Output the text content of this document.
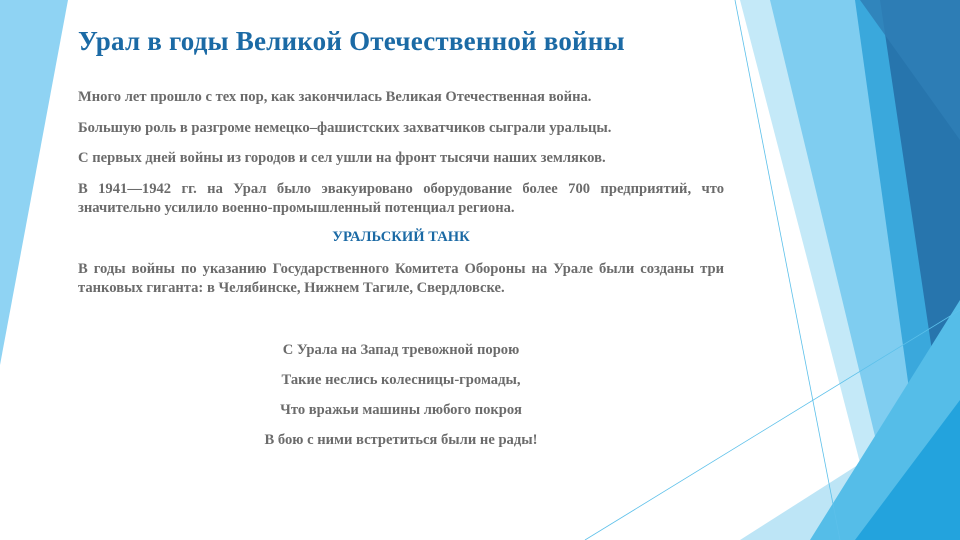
Урал в годы Великой Отечественной войны
Много лет прошло с тех пор, как закончилась Великая Отечественная война.
Большую роль в разгроме немецко–фашистских захватчиков сыграли уральцы.
С первых дней войны из городов и сел ушли на фронт тысячи наших земляков.
В 1941—1942 гг. на Урал было эвакуировано оборудование более 700 предприятий, что значительно усилило военно-промышленный потенциал региона.
УРАЛЬСКИЙ ТАНК
В годы войны по указанию Государственного Комитета Обороны на Урале были созданы три танковых гиганта: в Челябинске, Нижнем Тагиле, Свердловске.
С Урала на Запад тревожной порою
Такие неслись колесницы-громады,
Что вражьи машины любого покроя
В бою с ними встретиться были не рады!
